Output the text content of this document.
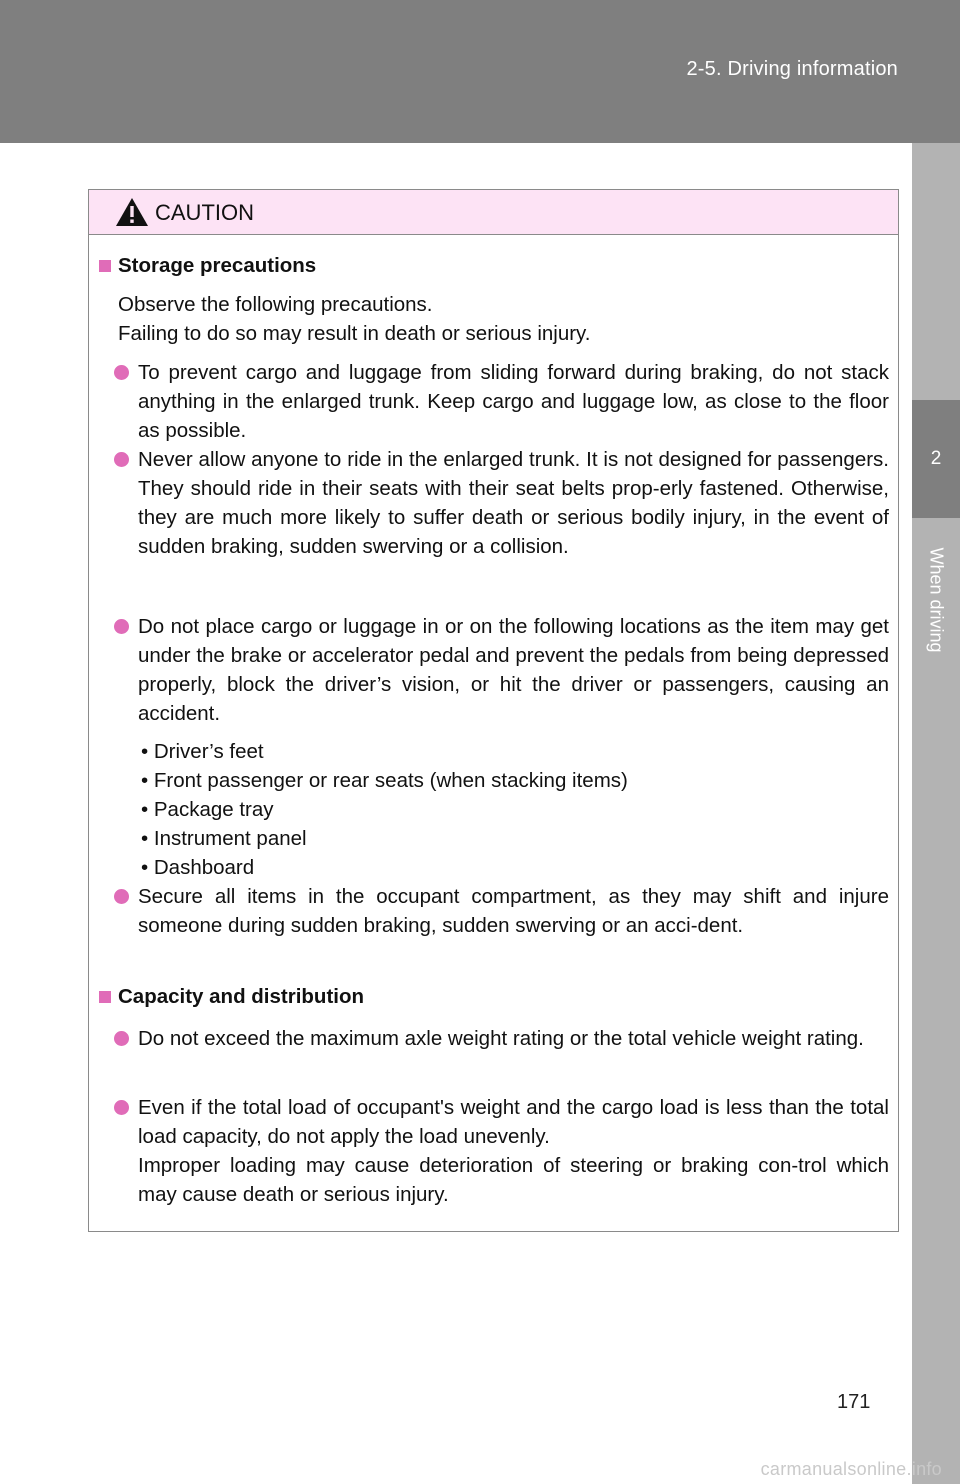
2-5. Driving information
2
When driving
CAUTION
Storage precautions
Observe the following precautions.
Failing to do so may result in death or serious injury.
To prevent cargo and luggage from sliding forward during braking, do not stack anything in the enlarged trunk. Keep cargo and luggage low, as close to the floor as possible.
Never allow anyone to ride in the enlarged trunk. It is not designed for passengers. They should ride in their seats with their seat belts prop-erly fastened. Otherwise, they are much more likely to suffer death or serious bodily injury, in the event of sudden braking, sudden swerving or a collision.
Do not place cargo or luggage in or on the following locations as the item may get under the brake or accelerator pedal and prevent the pedals from being depressed properly, block the driver’s vision, or hit the driver or passengers, causing an accident.
• Driver’s feet
• Front passenger or rear seats (when stacking items)
• Package tray
• Instrument panel
• Dashboard
Secure all items in the occupant compartment, as they may shift and injure someone during sudden braking, sudden swerving or an acci-dent.
Capacity and distribution
Do not exceed the maximum axle weight rating or the total vehicle weight rating.
Even if the total load of occupant's weight and the cargo load is less than the total load capacity, do not apply the load unevenly.
Improper loading may cause deterioration of steering or braking con-trol which may cause death or serious injury.
171
carmanualsonline.info
